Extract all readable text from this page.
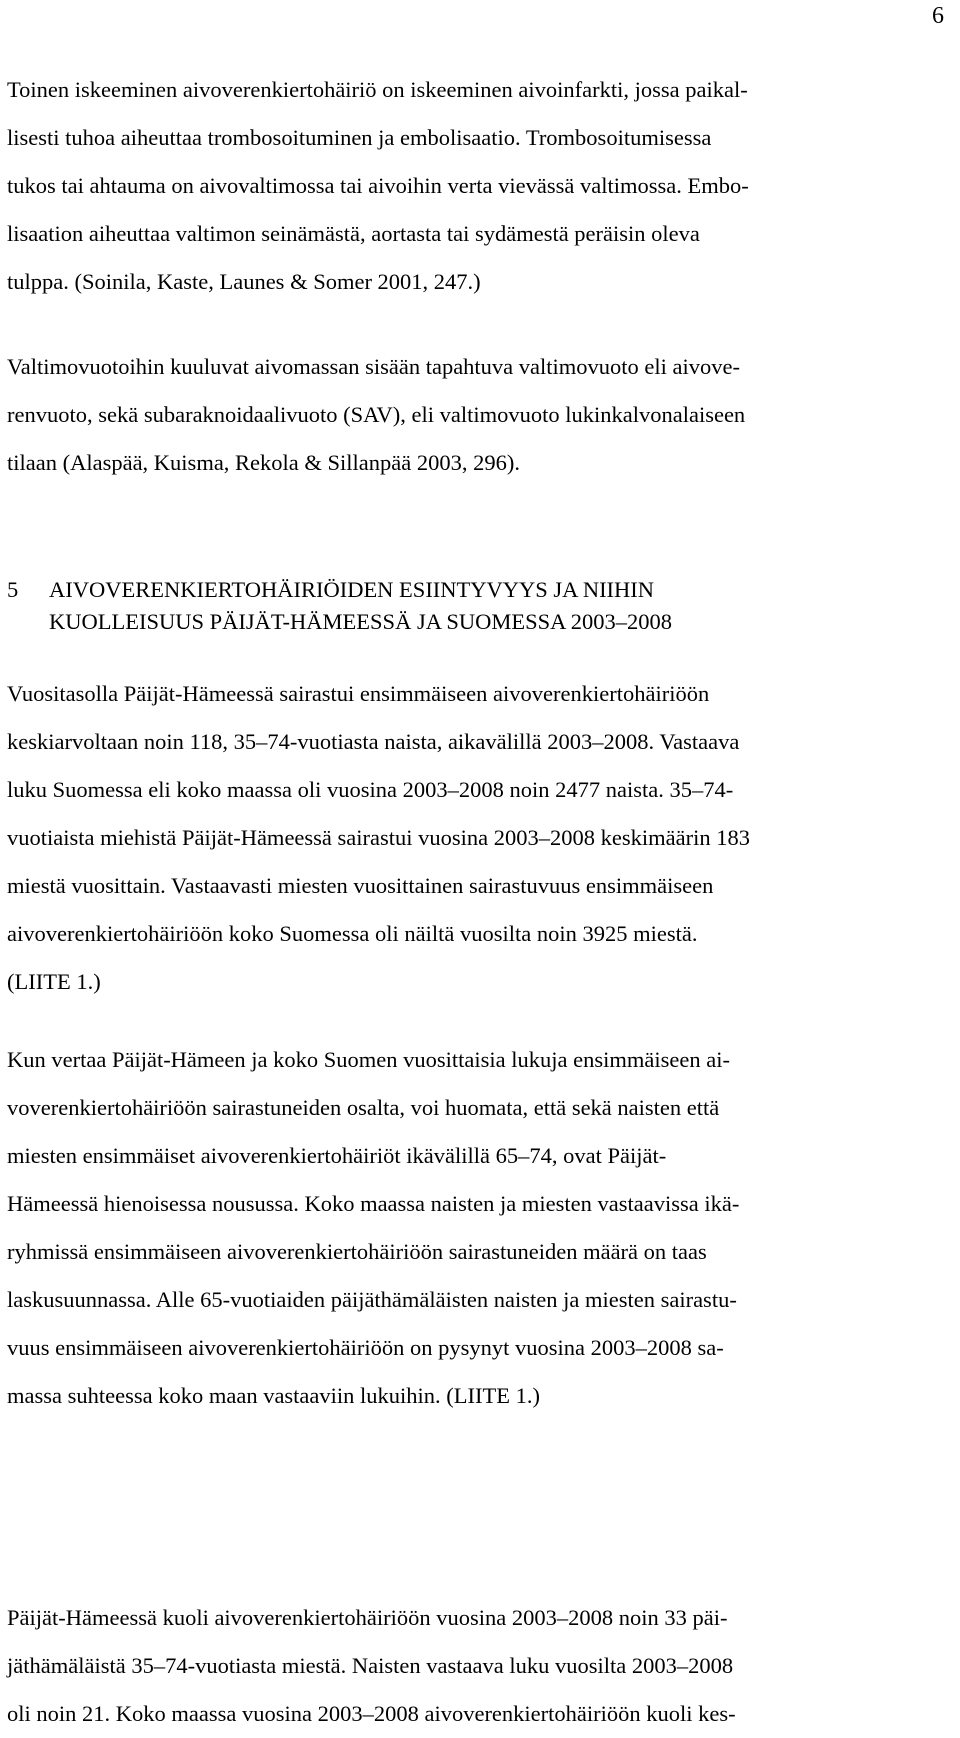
6

Toinen iskeeminen aivoverenkiertohäiriö on iskeeminen aivoinfarkti, jossa paikal-
lisesti tuhoa aiheuttaa trombosoituminen ja embolisaatio. Trombosoitumisessa
tukos tai ahtauma on aivovaltimossa tai aivoihin verta vievässä valtimossa. Embo-
lisaation aiheuttaa valtimon seinämästä, aortasta tai sydämestä peräisin oleva
tulppa. (Soinila, Kaste, Launes & Somer 2001, 247.)

Valtimovuotoihin kuuluvat aivomassan sisään tapahtuva valtimovuoto eli aivove-
renvuoto, sekä subaraknoidaalivuoto (SAV), eli valtimovuoto lukinkalvonalaiseen
tilaan (Alaspää, Kuisma, Rekola & Sillanpää 2003, 296).

5 AIVOVERENKIERTOHÄIRIÖIDEN ESIINTYVYYS JA NIIHIN
KUOLLEISUUS PÄIJÄT-HÄMEESSÄ JA SUOMESSA 2003–2008

Vuositasolla Päijät-Hämeessä sairastui ensimmäiseen aivoverenkiertohäiriöön
keskiarvoltaan noin 118, 35–74-vuotiasta naista, aikavälillä 2003–2008. Vastaava
luku Suomessa eli koko maassa oli vuosina 2003–2008 noin 2477 naista. 35–74-
vuotiaista miehistä Päijät-Hämeessä sairastui vuosina 2003–2008 keskimäärin 183
miestä vuosittain. Vastaavasti miesten vuosittainen sairastuvuus ensimmäiseen
aivoverenkiertohäiriöön koko Suomessa oli näiltä vuosilta noin 3925 miestä.
(LIITE 1.)

Kun vertaa Päijät-Hämeen ja koko Suomen vuosittaisia lukuja ensimmäiseen ai-
voverenkiertohäiriöön sairastuneiden osalta, voi huomata, että sekä naisten että
miesten ensimmäiset aivoverenkiertohäiriöt ikävälillä 65–74, ovat Päijät-
Hämeessä hienoisessa nousussa. Koko maassa naisten ja miesten vastaavissa ikä-
ryhmissä ensimmäiseen aivoverenkiertohäiriöön sairastuneiden määrä on taas
laskusuunnassa. Alle 65-vuotiaiden päijäthämäläisten naisten ja miesten sairastu-
vuus ensimmäiseen aivoverenkiertohäiriöön on pysynyt vuosina 2003–2008 sa-
massa suhteessa koko maan vastaaviin lukuihin. (LIITE 1.)

Päijät-Hämeessä kuoli aivoverenkiertohäiriöön vuosina 2003–2008 noin 33 päi-
jäthämäläistä 35–74-vuotiasta miestä. Naisten vastaava luku vuosilta 2003–2008
oli noin 21. Koko maassa vuosina 2003–2008 aivoverenkiertohäiriöön kuoli kes-
